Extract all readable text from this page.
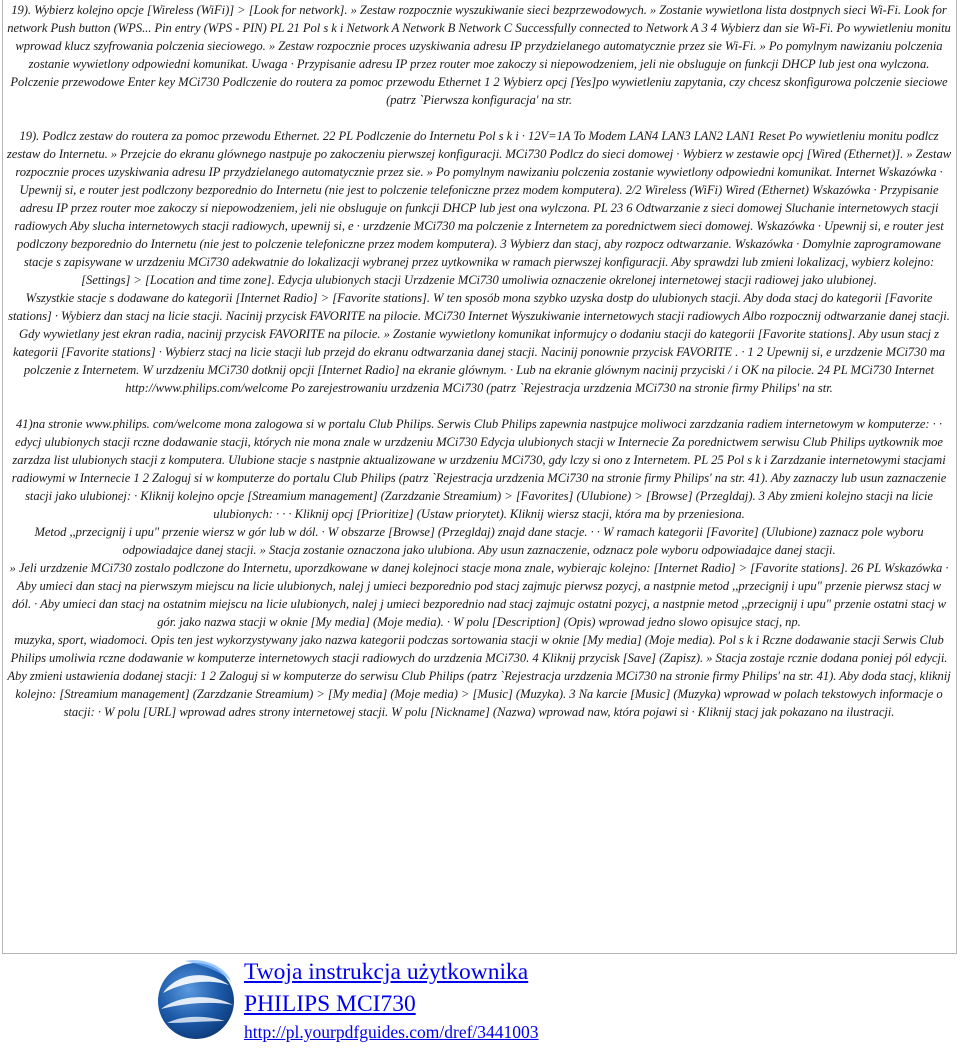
19). Wybierz kolejno opcje [Wireless (WiFi)] > [Look for network]. » Zestaw rozpocznie wyszukiwanie sieci bezprzewodowych. » Zostanie wywietlona lista dostpnych sieci Wi-Fi. Look for network Push button (WPS... Pin entry (WPS - PIN) PL 21 Pol s k i Network A Network B Network C Successfully connected to Network A 3 4 Wybierz dan sie Wi-Fi. Po wywietleniu monitu wprowad klucz szyfrowania polczenia sieciowego. » Zestaw rozpocznie proces uzyskiwania adresu IP przydzielanego automatycznie przez sie Wi-Fi. » Po pomylnym nawizaniu polczenia zostanie wywietlony odpowiedni komunikat. Uwaga · Przypisanie adresu IP przez router moe zakoczy si niepowodzeniem, jeli nie obsluguje on funkcji DHCP lub jest ona wylczona. Polczenie przewodowe Enter key MCi730 Podlczenie do routera za pomoc przewodu Ethernet 1 2 Wybierz opcj [Yes]po wywietleniu zapytania, czy chcesz skonfigurowa polczenie sieciowe (patrz `Pierwsza konfiguracja' na str.

19). Podlcz zestaw do routera za pomoc przewodu Ethernet. 22 PL Podlczenie do Internetu Pol s k i · 12V=1A To Modem LAN4 LAN3 LAN2 LAN1 Reset Po wywietleniu monitu podlcz zestaw do Internetu. » Przejcie do ekranu glównego nastpuje po zakoczeniu pierwszej konfiguracji. MCi730 Podlcz do sieci domowej · Wybierz w zestawie opcj [Wired (Ethernet)]. » Zestaw rozpocznie proces uzyskiwania adresu IP przydzielanego automatycznie przez sie. » Po pomylnym nawizaniu polczenia zostanie wywietlony odpowiedni komunikat. Internet Wskazówka · Upewnij si, e router jest podlczony bezporednio do Internetu (nie jest to polczenie telefoniczne przez modem komputera). 2/2 Wireless (WiFi) Wired (Ethernet) Wskazówka · Przypisanie adresu IP przez router moe zakoczy si niepowodzeniem, jeli nie obsluguje on funkcji DHCP lub jest ona wylczona. PL 23 6 Odtwarzanie z sieci domowej Sluchanie internetowych stacji radiowych Aby slucha internetowych stacji radiowych, upewnij si, e · urzdzenie MCi730 ma polczenie z Internetem za porednictwem sieci domowej. Wskazówka · Upewnij si, e router jest podlczony bezporednio do Internetu (nie jest to polczenie telefoniczne przez modem komputera). 3 Wybierz dan stacj, aby rozpocz odtwarzanie. Wskazówka · Domylnie zaprogramowane stacje s zapisywane w urzdzeniu MCi730 adekwatnie do lokalizacji wybranej przez uytkownika w ramach pierwszej konfiguracji. Aby sprawdzi lub zmieni lokalizacj, wybierz kolejno: [Settings] > [Location and time zone]. Edycja ulubionych stacji Urzdzenie MCi730 umoliwia oznaczenie okrelonej internetowej stacji radiowej jako ulubionej.

Wszystkie stacje s dodawane do kategorii [Internet Radio] > [Favorite stations]. W ten sposób mona szybko uzyska dostp do ulubionych stacji. Aby doda stacj do kategorii [Favorite stations] · Wybierz dan stacj na licie stacji. Nacinij przycisk FAVORITE na pilocie. MCi730 Internet Wyszukiwanie internetowych stacji radiowych Albo rozpocznij odtwarzanie danej stacji.

Gdy wywietlany jest ekran radia, nacinij przycisk FAVORITE na pilocie. » Zostanie wywietlony komunikat informujcy o dodaniu stacji do kategorii [Favorite stations]. Aby usun stacj z kategorii [Favorite stations] · Wybierz stacj na licie stacji lub przejd do ekranu odtwarzania danej stacji. Nacinij ponownie przycisk FAVORITE . · 1 2 Upewnij si, e urzdzenie MCi730 ma polczenie z Internetem. W urzdzeniu MCi730 dotknij opcji [Internet Radio] na ekranie glównym. · Lub na ekranie glównym nacinij przyciski / i OK na pilocie. 24 PL MCi730 Internet http://www.philips.com/welcome Po zarejestrowaniu urzdzenia MCi730 (patrz `Rejestracja urzdzenia MCi730 na stronie firmy Philips' na str.

41)na stronie www.philips. com/welcome mona zalogowa si w portalu Club Philips. Serwis Club Philips zapewnia nastpujce moliwoci zarzdzania radiem internetowym w komputerze: · · edycj ulubionych stacji rczne dodawanie stacji, których nie mona znale w urzdzeniu MCi730 Edycja ulubionych stacji w Internecie Za porednictwem serwisu Club Philips uytkownik moe zarzdza list ulubionych stacji z komputera. Ulubione stacje s nastpnie aktualizowane w urzdzeniu MCi730, gdy lczy si ono z Internetem. PL 25 Pol s k i Zarzdzanie internetowymi stacjami radiowymi w Internecie 1 2 Zaloguj si w komputerze do portalu Club Philips (patrz `Rejestracja urzdzenia MCi730 na stronie firmy Philips' na str. 41). Aby zaznaczy lub usun zaznaczenie stacji jako ulubionej: · Kliknij kolejno opcje [Streamium management] (Zarzdzanie Streamium) > [Favorites] (Ulubione) > [Browse] (Przegldaj). 3 Aby zmieni kolejno stacji na licie ulubionych: · · · Kliknij opcj [Prioritize] (Ustaw priorytet). Kliknij wiersz stacji, która ma by przeniesiona.

Metod ,,przecignij i upu" przenie wiersz w gór lub w dól. · W obszarze [Browse] (Przegldaj) znajd dane stacje. · · W ramach kategorii [Favorite] (Ulubione) zaznacz pole wyboru odpowiadajce danej stacji. » Stacja zostanie oznaczona jako ulubiona. Aby usun zaznaczenie, odznacz pole wyboru odpowiadajce danej stacji.

» Jeli urzdzenie MCi730 zostalo podlczone do Internetu, uporzdkowane w danej kolejnoci stacje mona znale, wybierajc kolejno: [Internet Radio] > [Favorite stations]. 26 PL Wskazówka · Aby umieci dan stacj na pierwszym miejscu na licie ulubionych, nalej j umieci bezporednio pod stacj zajmujc pierwsz pozycj, a nastpnie metod ,,przecignij i upu" przenie pierwsz stacj w dól. · Aby umieci dan stacj na ostatnim miejscu na licie ulubionych, nalej j umieci bezporednio nad stacj zajmujc ostatni pozycj, a nastpnie metod ,,przecignij i upu" przenie ostatni stacj w gór. jako nazwa stacji w oknie [My media] (Moje media). · W polu [Description] (Opis) wprowad jedno slowo opisujce stacj, np.

muzyka, sport, wiadomoci. Opis ten jest wykorzystywany jako nazwa kategorii podczas sortowania stacji w oknie [My media] (Moje media). Pol s k i Rczne dodawanie stacji Serwis Club Philips umoliwia rczne dodawanie w komputerze internetowych stacji radiowych do urzdzenia MCi730. 4 Kliknij przycisk [Save] (Zapisz). » Stacja zostaje rcznie dodana poniej pól edycji. Aby zmieni ustawienia dodanej stacji: 1 2 Zaloguj si w komputerze do serwisu Club Philips (patrz `Rejestracja urzdzenia MCi730 na stronie firmy Philips' na str. 41). Aby doda stacj, kliknij kolejno: [Streamium management] (Zarzdzanie Streamium) > [My media] (Moje media) > [Music] (Muzyka). 3 Na karcie [Music] (Muzyka) wprowad w polach tekstowych informacje o stacji: · W polu [URL] wprowad adres strony internetowej stacji. W polu [Nickname] (Nazwa) wprowad naw, która pojawi si · Kliknij stacj jak pokazano na ilustracji.

Twoja instrukcja użytkownika
PHILIPS MCI730
http://pl.yourpdfguides.com/dref/3441003
